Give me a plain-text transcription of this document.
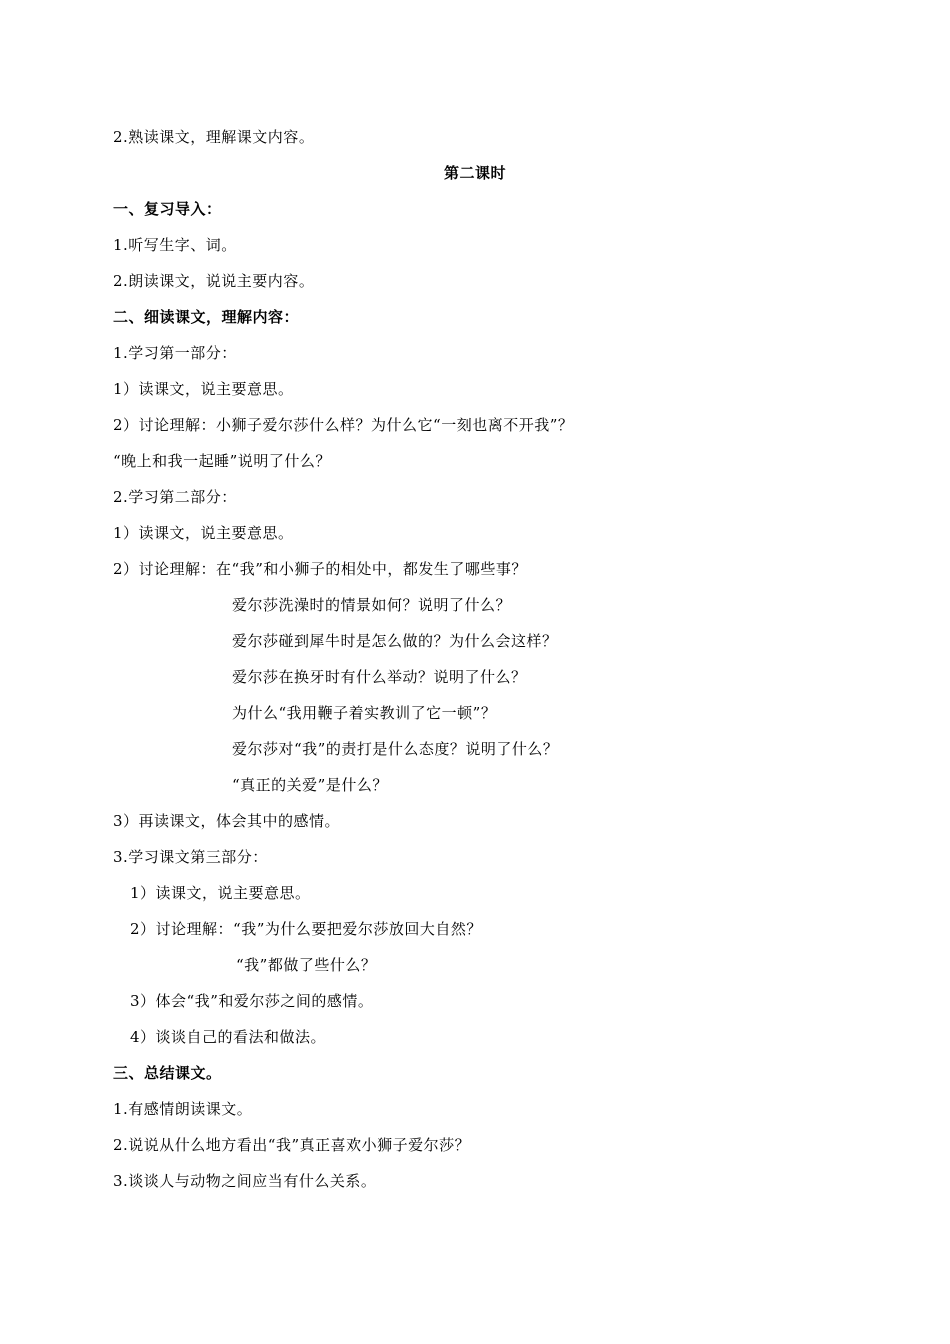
2.熟读课文，理解课文内容。
第二课时
一、复习导入：
1.听写生字、词。
2.朗读课文，说说主要内容。
二、细读课文，理解内容：
1.学习第一部分：
1）读课文，说主要意思。
2）讨论理解：小狮子爱尔莎什么样？为什么它“一刻也离不开我”？
“晚上和我一起睡”说明了什么？
2.学习第二部分：
1）读课文，说主要意思。
2）讨论理解：在“我”和小狮子的相处中，都发生了哪些事？
爱尔莎洗澡时的情景如何？说明了什么？
爱尔莎碰到犀牛时是怎么做的？为什么会这样？
爱尔莎在换牙时有什么举动？说明了什么？
为什么“我用鞭子着实教训了它一顿”？
爱尔莎对“我”的责打是什么态度？说明了什么？
“真正的关爱”是什么？
3）再读课文，体会其中的感情。
3.学习课文第三部分：
1）读课文，说主要意思。
2）讨论理解：“我”为什么要把爱尔莎放回大自然？
“我”都做了些什么？
3）体会“我”和爱尔莎之间的感情。
4）谈谈自己的看法和做法。
三、总结课文。
1.有感情朗读课文。
2.说说从什么地方看出“我”真正喜欢小狮子爱尔莎？
3.谈谈人与动物之间应当有什么关系。
